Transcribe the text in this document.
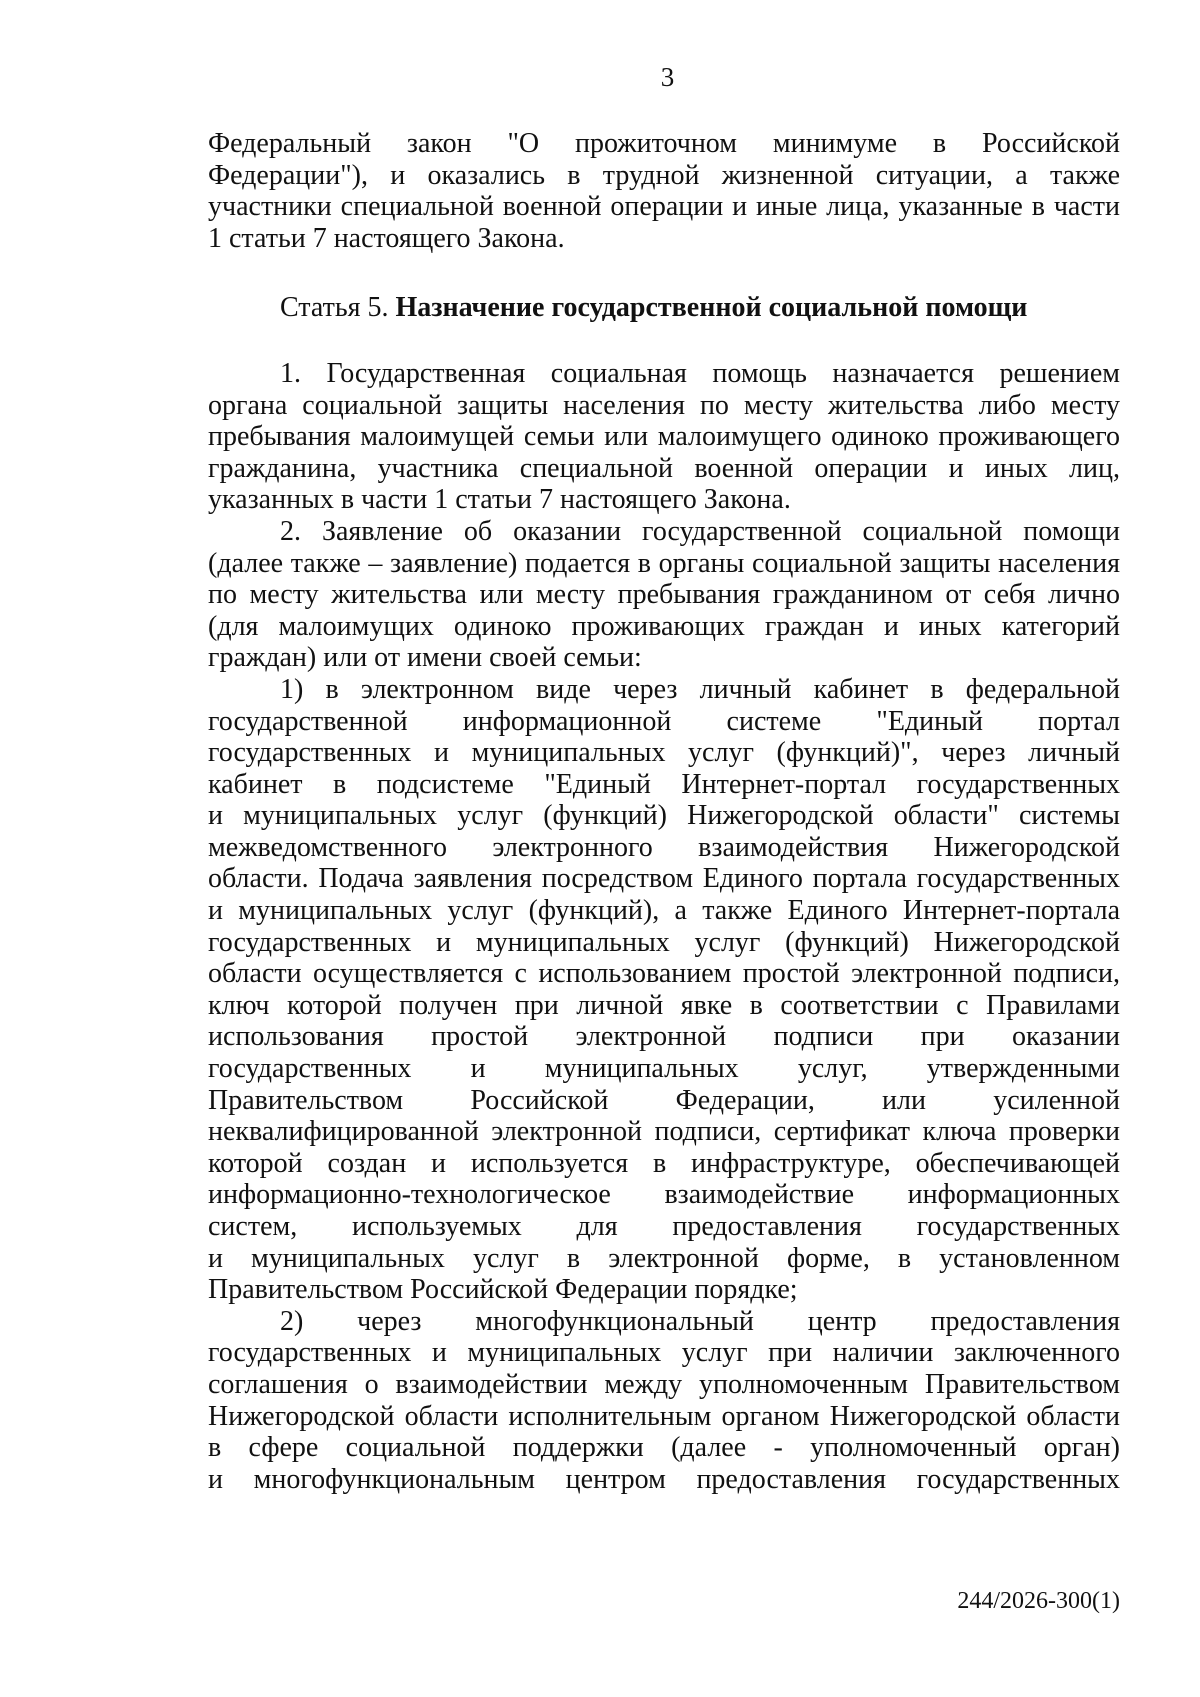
3
Федеральный закон "О прожиточном минимуме в Российской
Федерации"), и оказались в трудной жизненной ситуации, а также
участники специальной военной операции и иные лица, указанные в части
1 статьи 7 настоящего Закона.
Статья 5. Назначение государственной социальной помощи
1. Государственная социальная помощь назначается решением
органа социальной защиты населения по месту жительства либо месту
пребывания малоимущей семьи или малоимущего одиноко проживающего
гражданина, участника специальной военной операции и иных лиц,
указанных в части 1 статьи 7 настоящего Закона.
2. Заявление об оказании государственной социальной помощи
(далее также – заявление) подается в органы социальной защиты населения
по месту жительства или месту пребывания гражданином от себя лично
(для малоимущих одиноко проживающих граждан и иных категорий
граждан) или от имени своей семьи:
1) в электронном виде через личный кабинет в федеральной
государственной информационной системе "Единый портал
государственных и муниципальных услуг (функций)", через личный
кабинет в подсистеме "Единый Интернет-портал государственных
и муниципальных услуг (функций) Нижегородской области" системы
межведомственного электронного взаимодействия Нижегородской
области. Подача заявления посредством Единого портала государственных
и муниципальных услуг (функций), а также Единого Интернет-портала
государственных и муниципальных услуг (функций) Нижегородской
области осуществляется с использованием простой электронной подписи,
ключ которой получен при личной явке в соответствии с Правилами
использования простой электронной подписи при оказании
государственных и муниципальных услуг, утвержденными
Правительством Российской Федерации, или усиленной
неквалифицированной электронной подписи, сертификат ключа проверки
которой создан и используется в инфраструктуре, обеспечивающей
информационно-технологическое взаимодействие информационных
систем, используемых для предоставления государственных
и муниципальных услуг в электронной форме, в установленном
Правительством Российской Федерации порядке;
2) через многофункциональный центр предоставления
государственных и муниципальных услуг при наличии заключенного
соглашения о взаимодействии между уполномоченным Правительством
Нижегородской области исполнительным органом Нижегородской области
в сфере социальной поддержки (далее - уполномоченный орган)
и многофункциональным центром предоставления государственных
244/2026-300(1)
